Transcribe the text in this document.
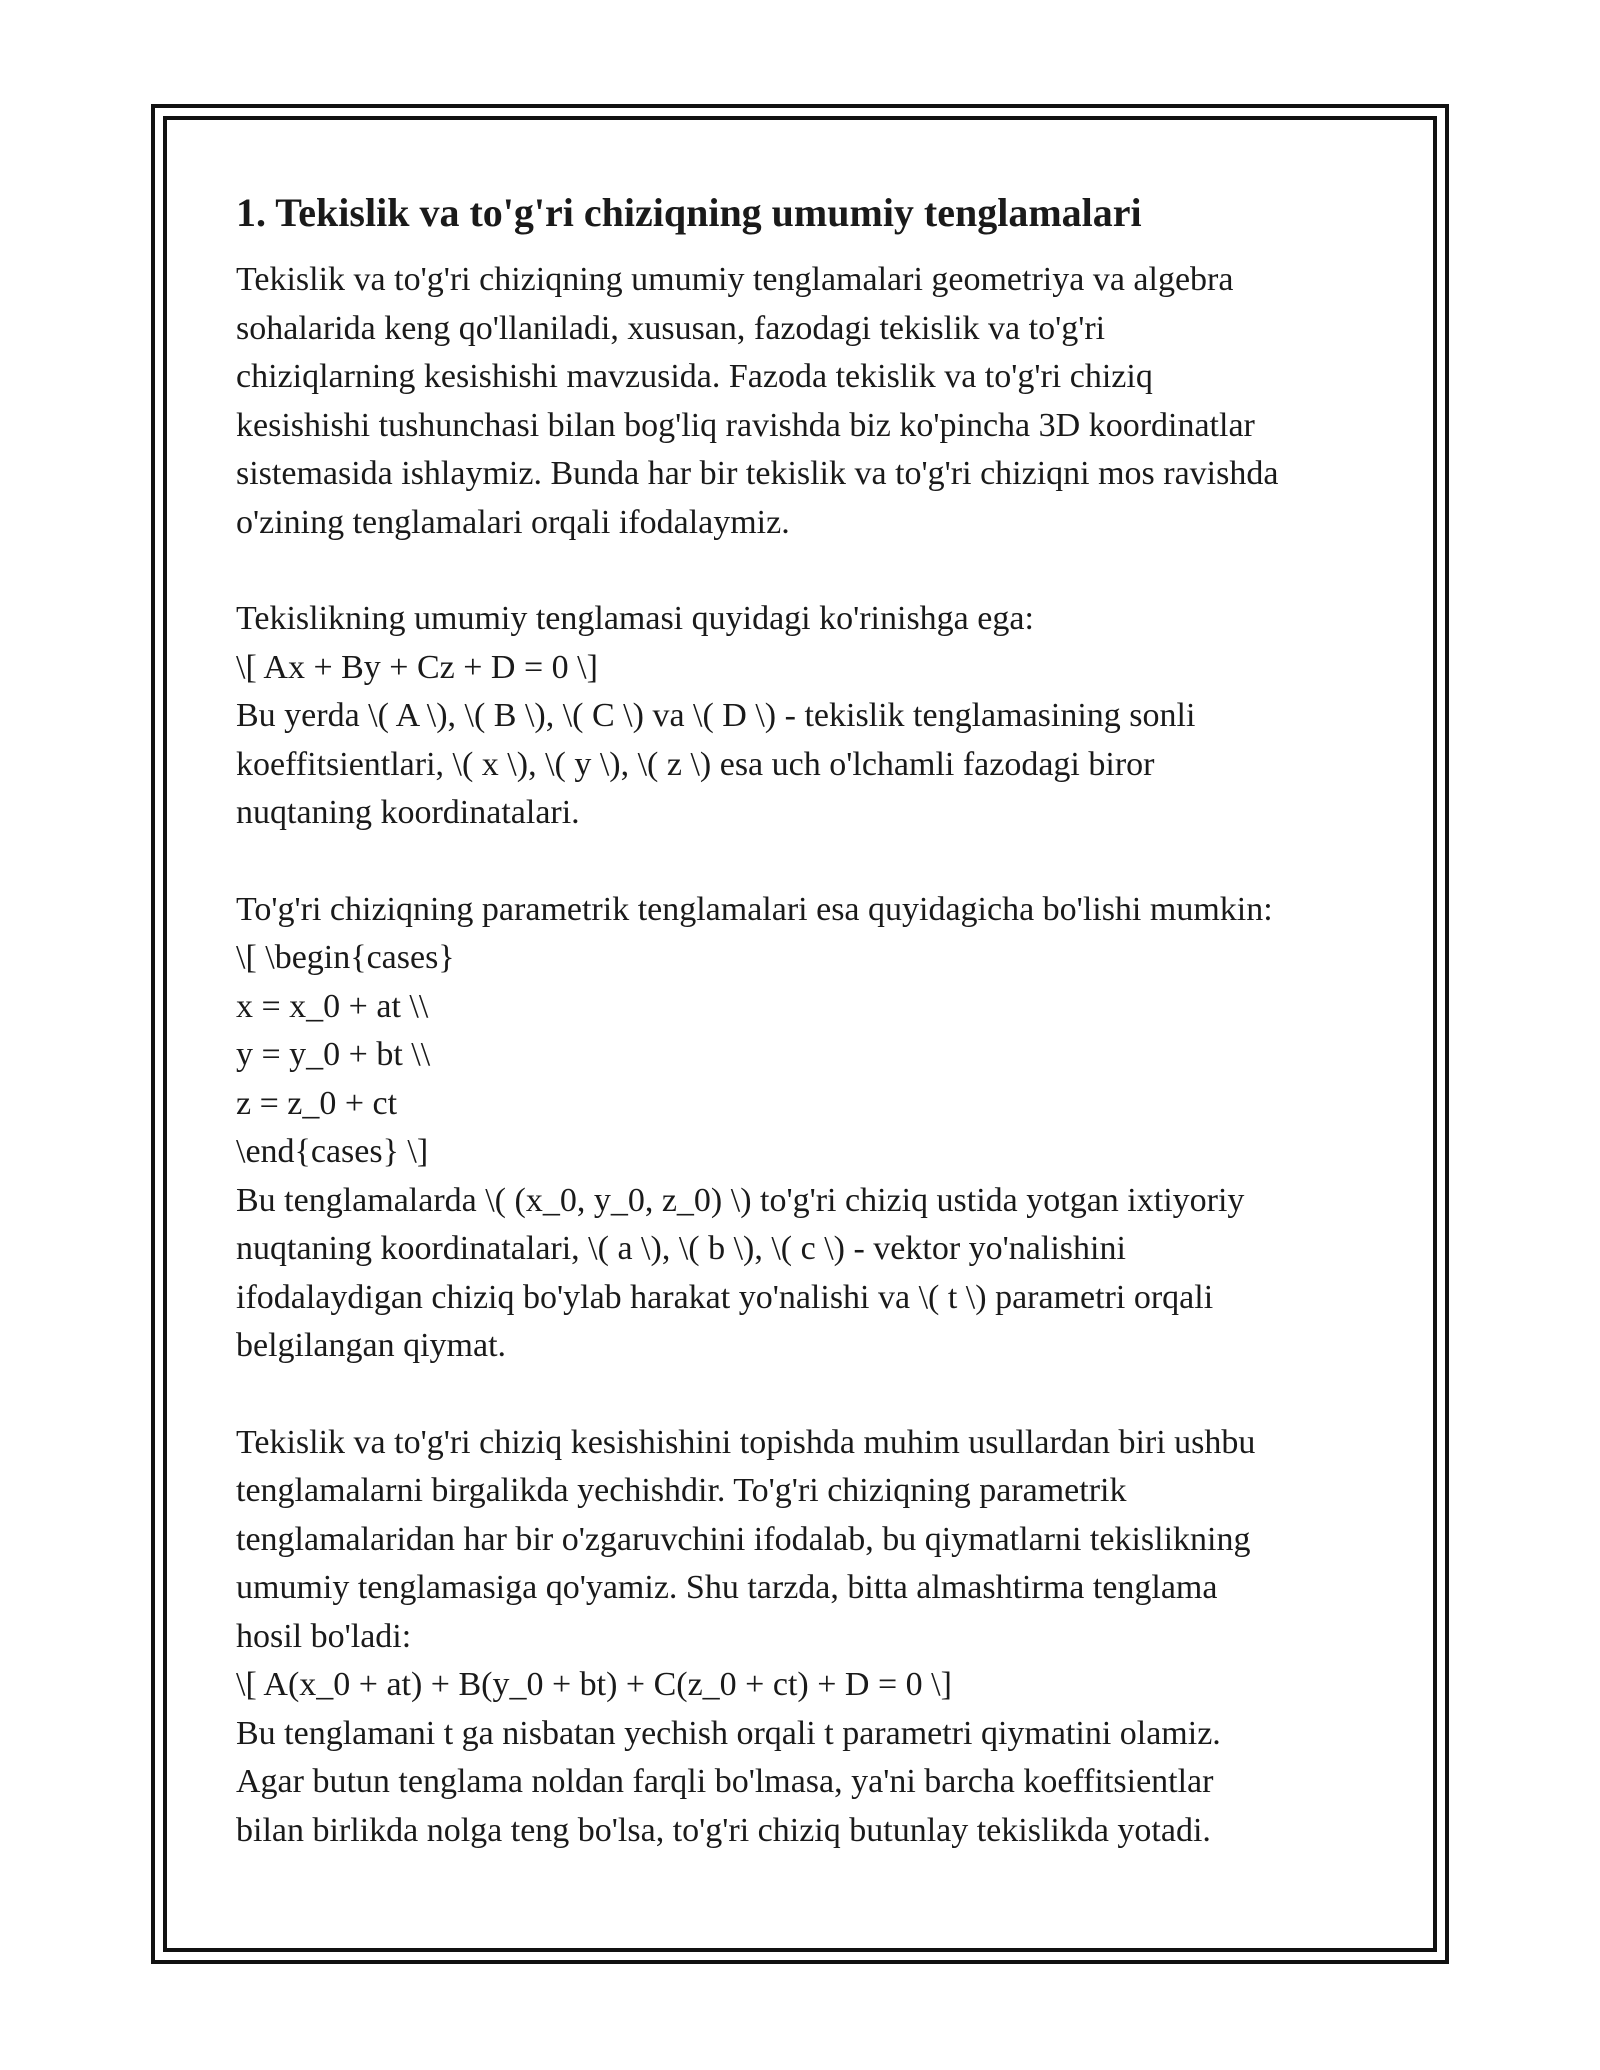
1. Tekislik va to'g'ri chiziqning umumiy tenglamalari
Tekislik va to'g'ri chiziqning umumiy tenglamalari geometriya va algebra
sohalarida keng qo'llaniladi, xususan, fazodagi tekislik va to'g'ri
chiziqlarning kesishishi mavzusida. Fazoda tekislik va to'g'ri chiziq
kesishishi tushunchasi bilan bog'liq ravishda biz ko'pincha 3D koordinatlar
sistemasida ishlaymiz. Bunda har bir tekislik va to'g'ri chiziqni mos ravishda
o'zining tenglamalari orqali ifodalaymiz.
Tekislikning umumiy tenglamasi quyidagi ko'rinishga ega:
\[ Ax + By + Cz + D = 0 \]
Bu yerda \( A \), \( B \), \( C \) va \( D \) - tekislik tenglamasining sonli
koeffitsientlari, \( x \), \( y \), \( z \) esa uch o'lchamli fazodagi biror
nuqtaning koordinatalari.
To'g'ri chiziqning parametrik tenglamalari esa quyidagicha bo'lishi mumkin:
\[ \begin{cases}
x = x_0 + at \\
y = y_0 + bt \\
z = z_0 + ct
\end{cases} \]
Bu tenglamalarda \( (x_0, y_0, z_0) \) to'g'ri chiziq ustida yotgan ixtiyoriy
nuqtaning koordinatalari, \( a \), \( b \), \( c \) - vektor yo'nalishini
ifodalaydigan chiziq bo'ylab harakat yo'nalishi va \( t \) parametri orqali
belgilangan qiymat.
Tekislik va to'g'ri chiziq kesishishini topishda muhim usullardan biri ushbu
tenglamalarni birgalikda yechishdir. To'g'ri chiziqning parametrik
tenglamalaridan har bir o'zgaruvchini ifodalab, bu qiymatlarni tekislikning
umumiy tenglamasiga qo'yamiz. Shu tarzda, bitta almashtirma tenglama
hosil bo'ladi:
\[ A(x_0 + at) + B(y_0 + bt) + C(z_0 + ct) + D = 0 \]
Bu tenglamani t ga nisbatan yechish orqali t parametri qiymatini olamiz.
Agar butun tenglama noldan farqli bo'lmasa, ya'ni barcha koeffitsientlar
bilan birlikda nolga teng bo'lsa, to'g'ri chiziq butunlay tekislikda yotadi.
